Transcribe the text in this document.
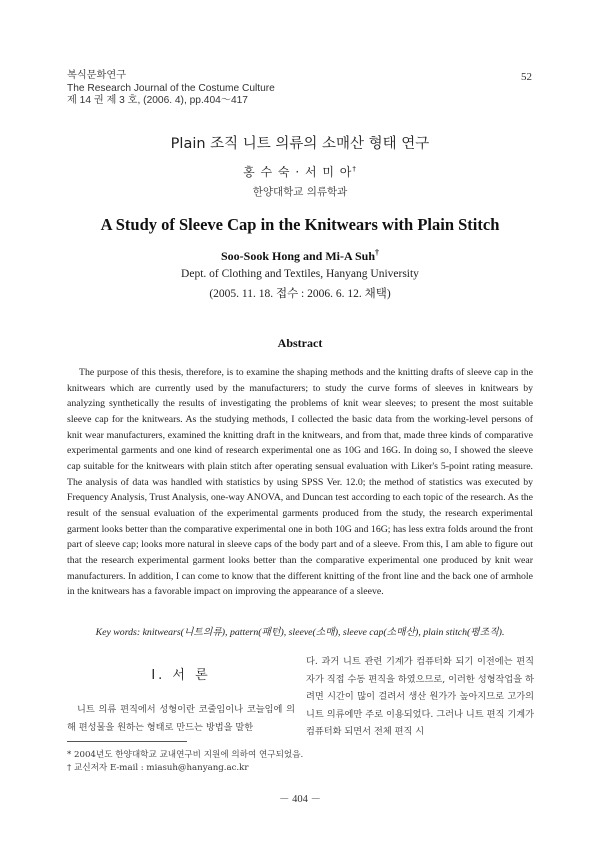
복식문화연구
The Research Journal of the Costume Culture
제 14 권 제 3 호, (2006. 4), pp.404～417
52
Plain 조직 니트 의류의 소매산 형태 연구
홍 수 숙 · 서 미 아†
한양대학교 의류학과
A Study of Sleeve Cap in the Knitwears with Plain Stitch
Soo-Sook Hong and Mi-A Suh†
Dept. of Clothing and Textiles, Hanyang University
(2005. 11. 18. 접수 : 2006. 6. 12. 채택)
Abstract

The purpose of this thesis, therefore, is to examine the shaping methods and the knitting drafts of sleeve cap in the knitwears which are currently used by the manufacturers; to study the curve forms of sleeves in knitwears by analyzing synthetically the results of investigating the problems of knit wear sleeves; to present the most suitable sleeve cap for the knitwears. As the studying methods, I collected the basic data from the working-level persons of knit wear manufacturers, examined the knitting draft in the knitwears, and from that, made three kinds of comparative experimental garments and one kind of research experimental one as 10G and 16G. In doing so, I showed the sleeve cap suitable for the knitwears with plain stitch after operating sensual evaluation with Liker's 5-point rating measure. The analysis of data was handled with statistics by using SPSS Ver. 12.0; the method of statistics was executed by Frequency Analysis, Trust Analysis, one-way ANOVA, and Duncan test according to each topic of the research. As the result of the sensual evaluation of the experimental garments produced from the study, the research experimental garment looks better than the comparative experimental one in both 10G and 16G; has less extra folds around the front part of sleeve cap; looks more natural in sleeve caps of the body part and of a sleeve. From this, I am able to figure out that the research experimental garment looks better than the comparative experimental one produced by knit wear manufacturers. In addition, I can come to know that the different knitting of the front line and the back one of armhole in the knitwears has a favorable impact on improving the appearance of a sleeve.

Key words: knitwears(니트의류), pattern(패턴), sleeve(소매), sleeve cap(소매산), plain stitch(평조직).
Ⅰ. 서 론

니트 의류 편직에서 성형이란 코줄임이나 코늘임에 의해 편성물을 원하는 형태로 만드는 방법을 말한

다. 과거 니트 관련 기계가 컴퓨터화 되기 이전에는 편직자가 직접 수동 편직을 하였으므로, 이러한 성형작업을 하려면 시간이 많이 걸려서 생산 원가가 높아지므로 고가의 니트 의류에만 주로 이용되었다. 그러나 니트 편직 기계가 컴퓨터화 되면서 전체 편직 시

* 2004년도 한양대학교 교내연구비 지원에 의하여 연구되었음.
† 교신저자 E-mail : miasuh@hanyang.ac.kr
－ 404 －
